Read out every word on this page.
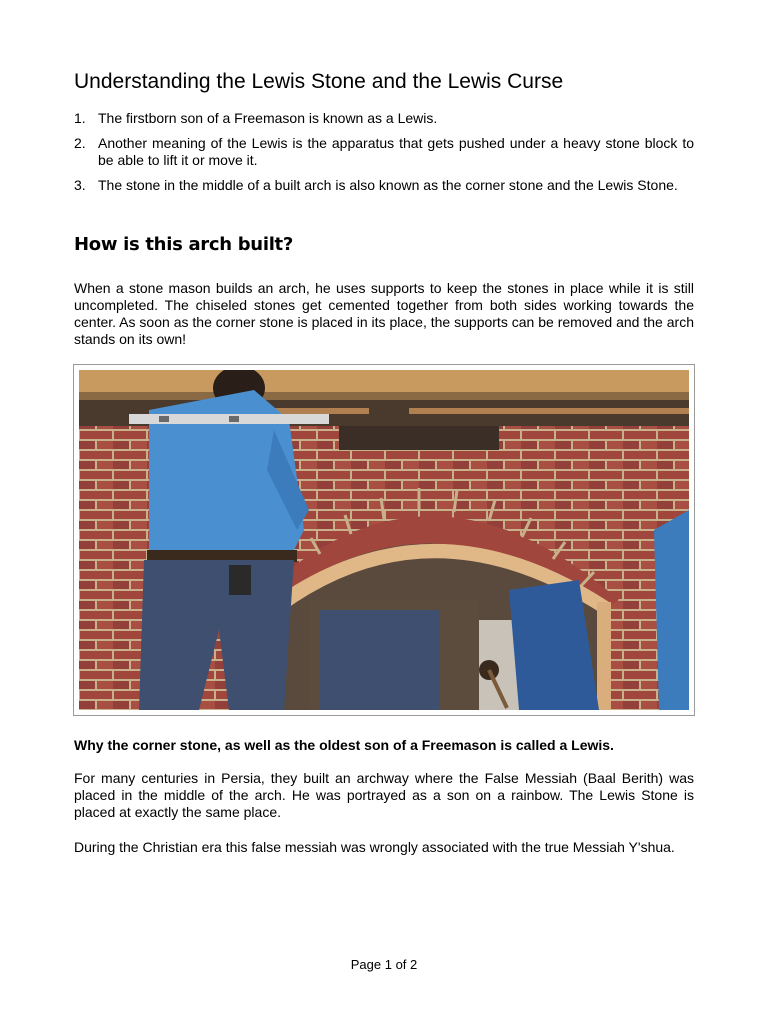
Understanding the Lewis Stone and the Lewis Curse
1. The firstborn son of a Freemason is known as a Lewis.
2. Another meaning of the Lewis is the apparatus that gets pushed under a heavy stone block to be able to lift it or move it.
3. The stone in the middle of a built arch is also known as the corner stone and the Lewis Stone.
How is this arch built?

When a stone mason builds an arch, he uses supports to keep the stones in place while it is still uncompleted. The chiseled stones get cemented together from both sides working towards the center. As soon as the corner stone is placed in its place, the supports can be removed and the arch stands on its own!

Why the corner stone, as well as the oldest son of a Freemason is called a Lewis.

For many centuries in Persia, they built an archway where the False Messiah (Baal Berith) was placed in the middle of the arch. He was portrayed as a son on a rainbow. The Lewis Stone is placed at exactly the same place.

During the Christian era this false messiah was wrongly associated with the true Messiah Y'shua.

Page 1 of 2
